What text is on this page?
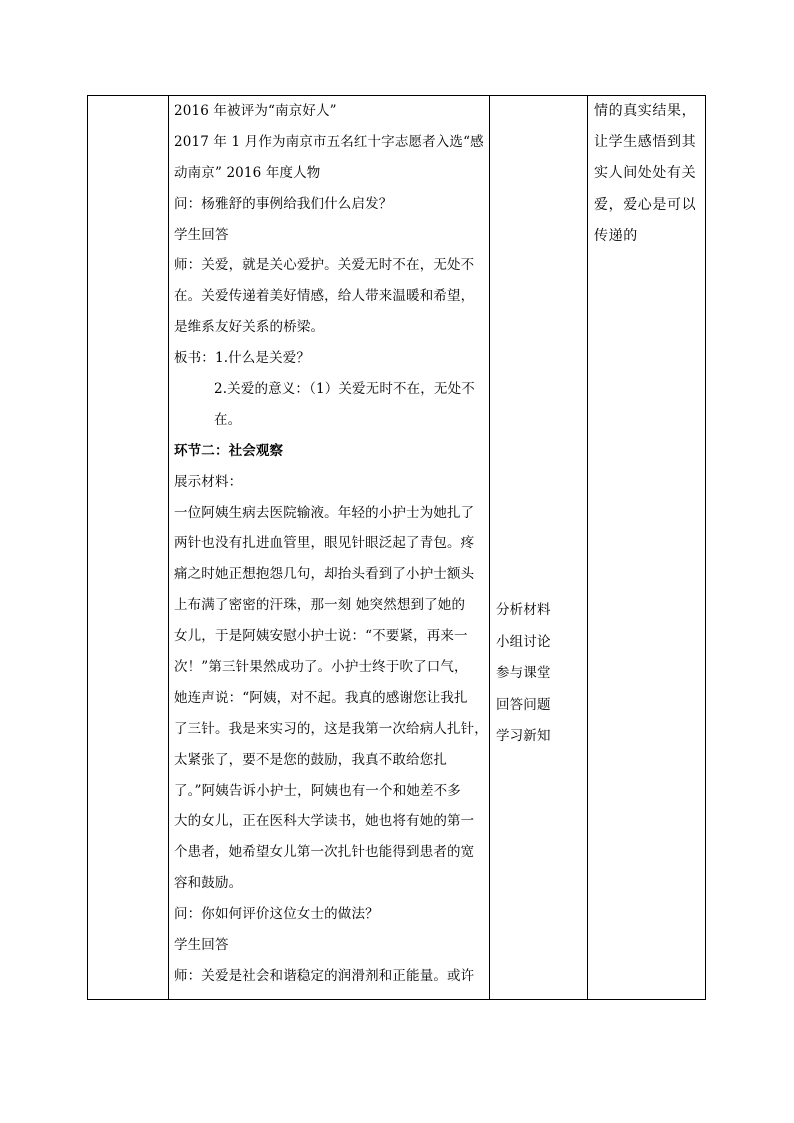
2016 年被评为“南京好人”
2017 年 1 月作为南京市五名红十字志愿者入选“感
动南京” 2016 年度人物
问：杨雅舒的事例给我们什么启发？
学生回答
师：关爱，就是关心爱护。关爱无时不在，无处不
在。关爱传递着美好情感，给人带来温暖和希望，
是维系友好关系的桥梁。
板书：1.什么是关爱？
2.关爱的意义：（1）关爱无时不在，无处不
在。
环节二：社会观察
展示材料：
一位阿姨生病去医院输液。年轻的小护士为她扎了
两针也没有扎进血管里，眼见针眼泛起了青包。疼
痛之时她正想抱怨几句，却抬头看到了小护士额头
上布满了密密的汗珠，那一刻 她突然想到了她的
女儿，于是阿姨安慰小护士说：“不要紧，再来一
次！”第三针果然成功了。小护士终于吹了口气，
她连声说：“阿姨，对不起。我真的感谢您让我扎
了三针。我是来实习的，这是我第一次给病人扎针，
太紧张了，要不是您的鼓励，我真不敢给您扎
了。”阿姨告诉小护士，阿姨也有一个和她差不多
大的女儿，正在医科大学读书，她也将有她的第一
个患者，她希望女儿第一次扎针也能得到患者的宽
容和鼓励。
问：你如何评价这位女士的做法？
学生回答
师：关爱是社会和谐稳定的润滑剂和正能量。或许
分析材料
小组讨论
参与课堂
回答问题
学习新知
情的真实结果，
让学生感悟到其
实人间处处有关
爱，爱心是可以
传递的
